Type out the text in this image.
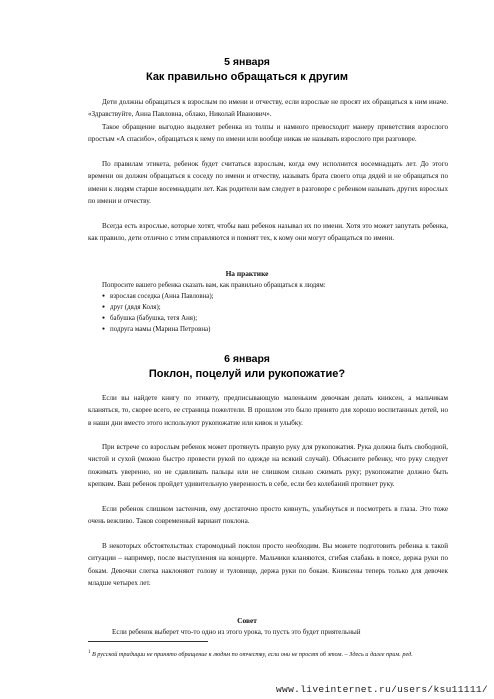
5 января
Как правильно обращаться к другим

Дети должны обращаться к взрослым по имени и отчеству, если взрослые не просят их обращаться к ним иначе. «Здравствуйте, Анна Павловна, облако, Николай Иванович».

Такое обращение выгодно выделяет ребенка из толпы и намного превосходит манеру приветствия взрослого простым «А спасибо», обращаться к нему по имени или вообще никак не называть взрослого при разговоре.

По правилам этикета, ребенок будет считаться взрослым, когда ему исполнится восемнадцать лет. До этого времени он должен обращаться к соседу по имени и отчеству, называть брата своего отца дядей и не обращаться по имени к людям старше восемнадцати лет. Как родители вам следует в разговоре с ребенком называть других взрослых по имени и отчеству.

Всегда есть взрослые, которые хотят, чтобы ваш ребенок называл их по имени. Хотя это может запутать ребенка, как правило, дети отлично с этим справляются и помнят тех, к кому они могут обращаться по имени.

На практике
Попросите вашего ребенка сказать вам, как правильно обращаться к людям:
● взрослая соседка (Анна Павловна);
● друг (дядя Коля);
● бабушка (бабушка, тетя Аня);
● подруга мамы (Марина Петровна)
6 января
Поклон, поцелуй или рукопожатие?

Если вы найдете книгу по этикету, предписывающую маленьким девочкам делать книксен, а мальчикам кланяться, то, скорее всего, ее страница пожелтели. В прошлом это было принято для хорошо воспитанных детей, но в наши дни вместо этого используют рукопожатие или кивок и улыбку.

При встрече со взрослым ребенок может протянуть правую руку для рукопожатия. Рука должна быть свободной, чистой и сухой (можно быстро провести рукой по одежде на всякий случай). Объясните ребенку, что руку следует пожимать уверенно, но не сдавливать пальцы или не слишком сильно сжимать руку; рукопожатие должно быть крепким. Ваш ребенок пройдет удивительную уверенность в себе, если без колебаний протянет руку.

Если ребенок слишком застенчив, ему достаточно просто кивнуть, улыбнуться и посмотреть в глаза. Это тоже очень вежливо. Таков современный вариант поклона.

В некоторых обстоятельствах старомодный поклон просто необходим. Вы можете подготовить ребенка к такой ситуации – например, после выступления на концерте. Мальчики кланяются, сгибая слабакь в поясе, держа руки по бокам. Девочки слегка наклоняют голову и туловище, держа руки по бокам. Книксены теперь только для девочек младше четырех лет.

Совет
Если ребенок выберет что-то одно из этого урока, то пусть это будет приятельный
$^1$ В русской традиции не принято обращение к людям по отчеству, если они не просят об этом. – Здесь и далее прим. ред.
www.liveinternet.ru/users/ksu11111/
